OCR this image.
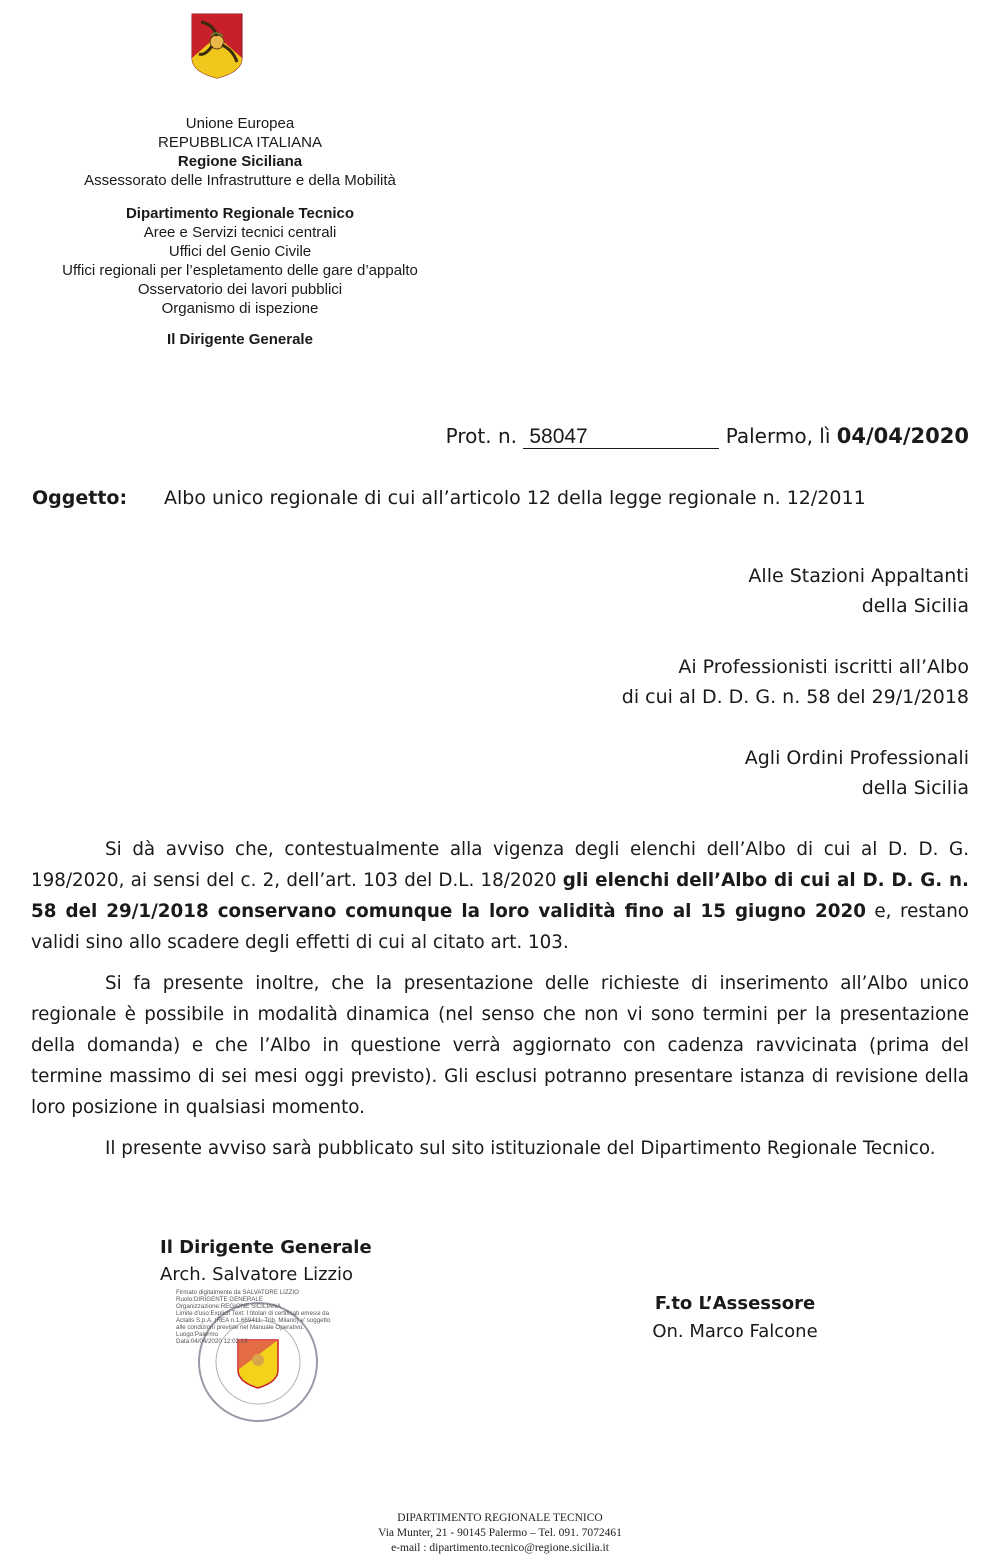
Unione Europea
REPUBBLICA ITALIANA
Regione Siciliana
Assessorato delle Infrastrutture e della Mobilità
Dipartimento Regionale Tecnico
Aree e Servizi tecnici centrali
Uffici del Genio Civile
Uffici regionali per l’espletamento delle gare d’appalto
Osservatorio dei lavori pubblici
Organismo di ispezione
Il Dirigente Generale
Prot. n. 58047	Palermo, lì 04/04/2020
Oggetto: Albo unico regionale di cui all’articolo 12 della legge regionale n. 12/2011
Alle Stazioni Appaltanti
della Sicilia
Ai Professionisti iscritti all’Albo
di cui al D. D. G. n. 58 del 29/1/2018
Agli Ordini Professionali
della Sicilia

Si dà avviso che, contestualmente alla vigenza degli elenchi dell’Albo di cui al D. D. G. 198/2020, ai sensi del c. 2, dell’art. 103 del D.L. 18/2020 gli elenchi dell’Albo di cui al D. D. G. n. 58 del 29/1/2018 conservano comunque la loro validità fino al 15 giugno 2020 e, restano validi sino allo scadere degli effetti di cui al citato art. 103.

Si fa presente inoltre, che la presentazione delle richieste di inserimento all’Albo unico regionale è possibile in modalità dinamica (nel senso che non vi sono termini per la presentazione della domanda) e che l’Albo in questione verrà aggiornato con cadenza ravvicinata (prima del termine massimo di sei mesi oggi previsto). Gli esclusi potranno presentare istanza di revisione della loro posizione in qualsiasi momento.

Il presente avviso sarà pubblicato sul sito istituzionale del Dipartimento Regionale Tecnico.

Il Dirigente Generale
Arch. Salvatore Lizzio
Firmato digitalmente da SALVATORE LIZZIO
Ruolo:DIRIGENTE GENERALE
Organizzazione:REGIONE SICILIANA
Limite d'uso:Explicit Text: I titolari di certificati emessi da
Actalis S.p.A. (REA n.1.669411, Trib. Milano) e' soggetto
alle condizioni previste nel Manuale Operativo.
Luogo:Palermo
Data:04/04/2020 12:02:13
F.to L’Assessore
On. Marco Falcone
DIPARTIMENTO REGIONALE TECNICO
Via Munter, 21 - 90145 Palermo – Tel. 091. 7072461
e-mail : dipartimento.tecnico@regione.sicilia.it
